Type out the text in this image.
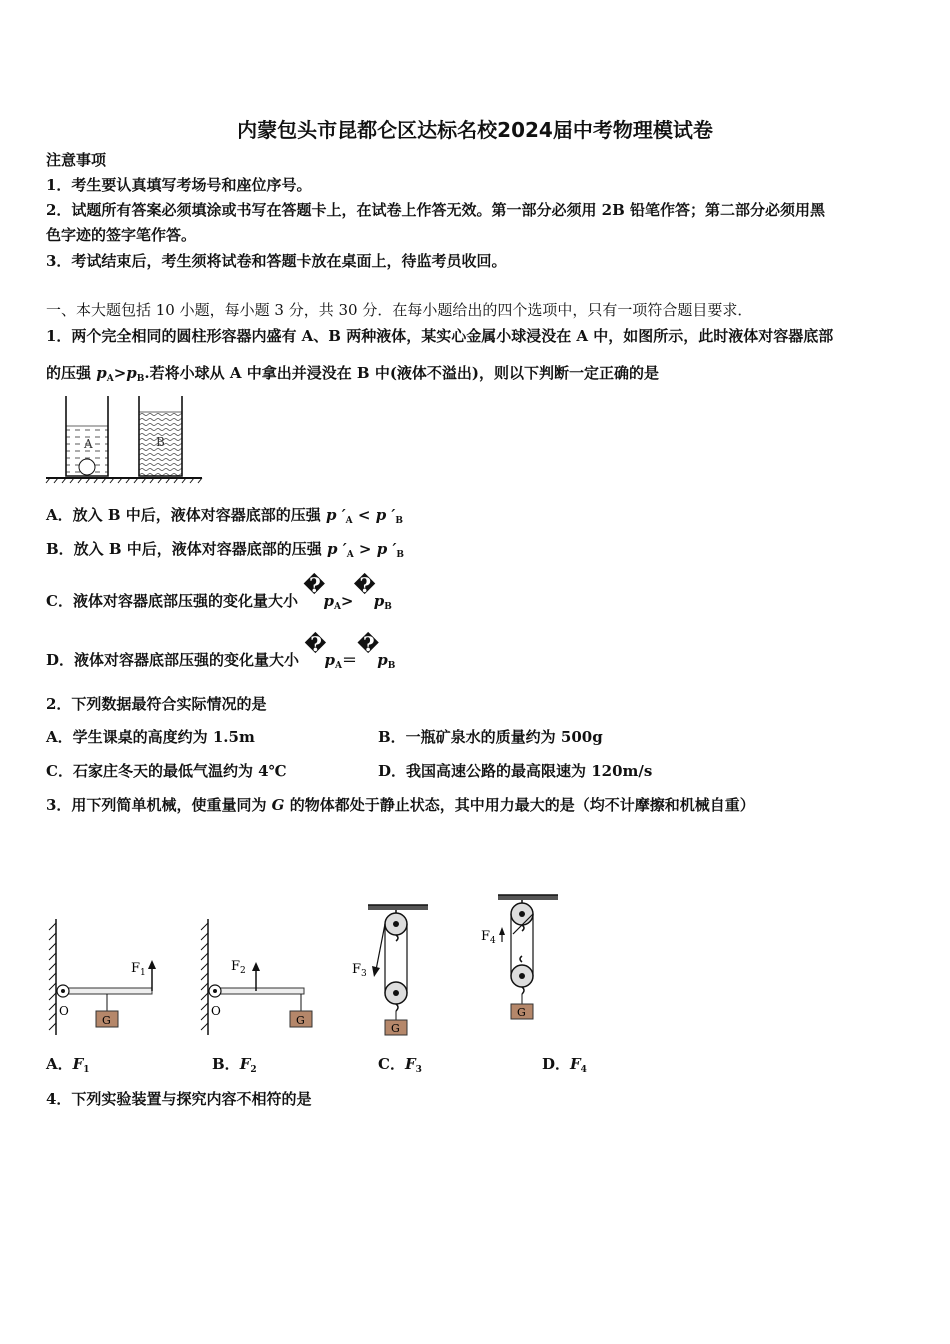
内蒙包头市昆都仑区达标名校2024届中考物理模试卷
注意事项
1．考生要认真填写考场号和座位序号。
2．试题所有答案必须填涂或书写在答题卡上，在试卷上作答无效。第一部分必须用 2B 铅笔作答；第二部分必须用黑
色字迹的签字笔作答。
3．考试结束后，考生须将试卷和答题卡放在桌面上，待监考员收回。
一、本大题包括 10 小题，每小题 3 分，共 30 分．在每小题给出的四个选项中，只有一项符合题目要求．
1．两个完全相同的圆柱形容器内盛有 A、B 两种液体，某实心金属小球浸没在 A 中，如图所示，此时液体对容器底部
的压强 $p_A>p_B$.若将小球从 A 中拿出并浸没在 B 中(液体不溢出)，则以下判断一定正确的是
A	B
A．放入 B 中后，液体对容器底部的压强 p $'_A < p$ $'_B$
B．放入 B 中后，液体对容器底部的压强 p $'_A > p$ $'_B$
C．液体对容器底部压强的变化量大小 $�p_A>�p_B$
D．液体对容器底部压强的变化量大小 $�p_A=�p_B$
2．下列数据最符合实际情况的是
A．学生课桌的高度约为 1.5m	B．一瓶矿泉水的质量约为 500g
C．石家庄冬天的最低气温约为 4℃	D．我国高速公路的最高限速为 120m/s
3．用下列简单机械，使重量同为 G 的物体都处于静止状态，其中用力最大的是（均不计摩擦和机械自重）
O
G
$F_1$
O
G
$F_2$
G
$F_3$
G
$F_4$
A．$F_1$	B．$F_2$	C．$F_3$	D．$F_4$
4．下列实验装置与探究内容不相符的是
